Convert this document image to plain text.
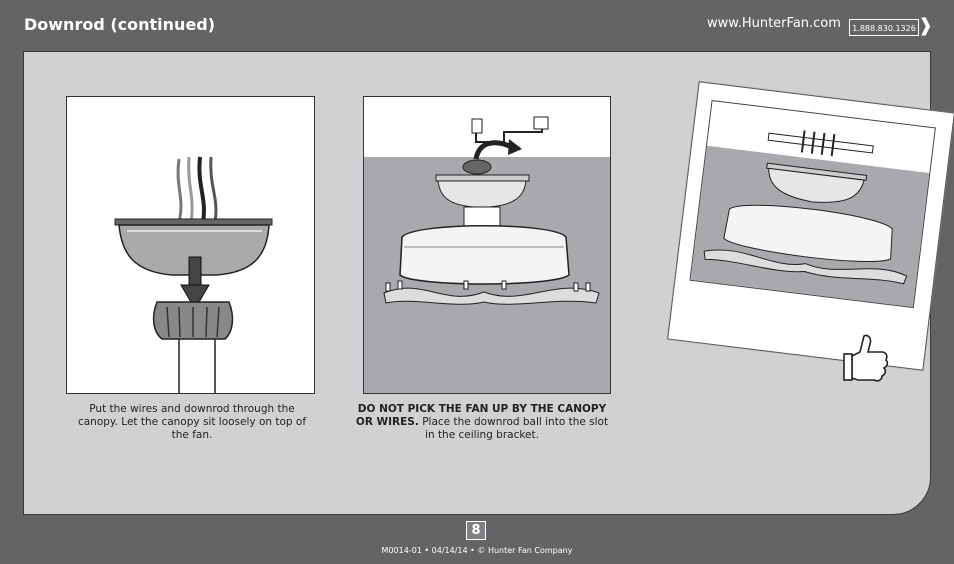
Downrod (continued)	www.HunterFan.com	1.888.830.1326 ❱
Put the wires and downrod through the canopy. Let the canopy sit loosely on top of the fan.
DO NOT PICK THE FAN UP BY THE CANOPY OR WIRES. Place the downrod ball into the slot in the ceiling bracket.
8
M0014-01 • 04/14/14 • © Hunter Fan Company
